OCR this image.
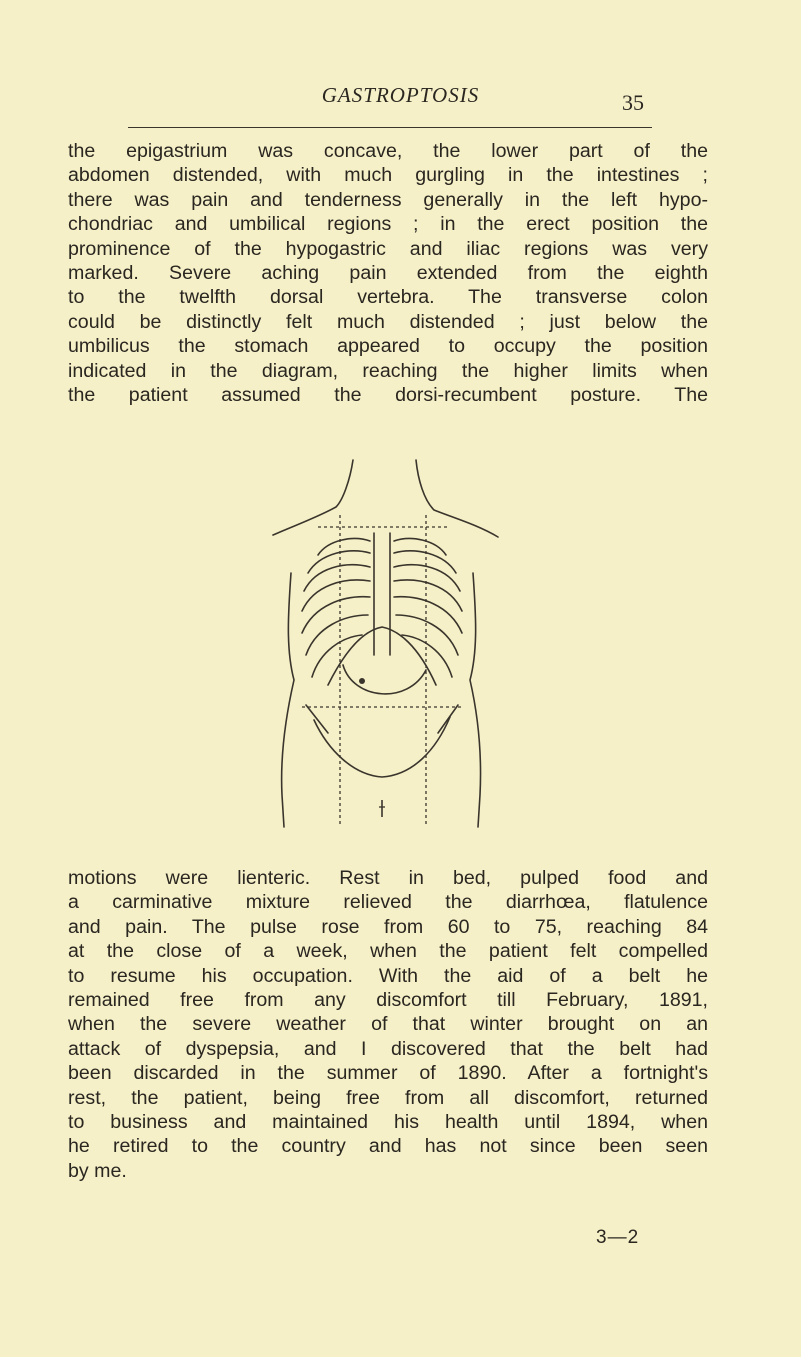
GASTROPTOSIS	35
the epigastrium was concave, the lower part of the
abdomen distended, with much gurgling in the intestines ;
there was pain and tenderness generally in the left hypo-
chondriac and umbilical regions ; in the erect position the
prominence of the hypogastric and iliac regions was very
marked. Severe aching pain extended from the eighth
to the twelfth dorsal vertebra. The transverse colon
could be distinctly felt much distended ; just below the
umbilicus the stomach appeared to occupy the position
indicated in the diagram, reaching the higher limits when
the patient assumed the dorsi-recumbent posture. The
motions were lienteric. Rest in bed, pulped food and
a carminative mixture relieved the diarrhœa, flatulence
and pain. The pulse rose from 60 to 75, reaching 84
at the close of a week, when the patient felt compelled
to resume his occupation. With the aid of a belt he
remained free from any discomfort till February, 1891,
when the severe weather of that winter brought on an
attack of dyspepsia, and I discovered that the belt had
been discarded in the summer of 1890. After a fortnight's
rest, the patient, being free from all discomfort, returned
to business and maintained his health until 1894, when
he retired to the country and has not since been seen
by me.
3—2
